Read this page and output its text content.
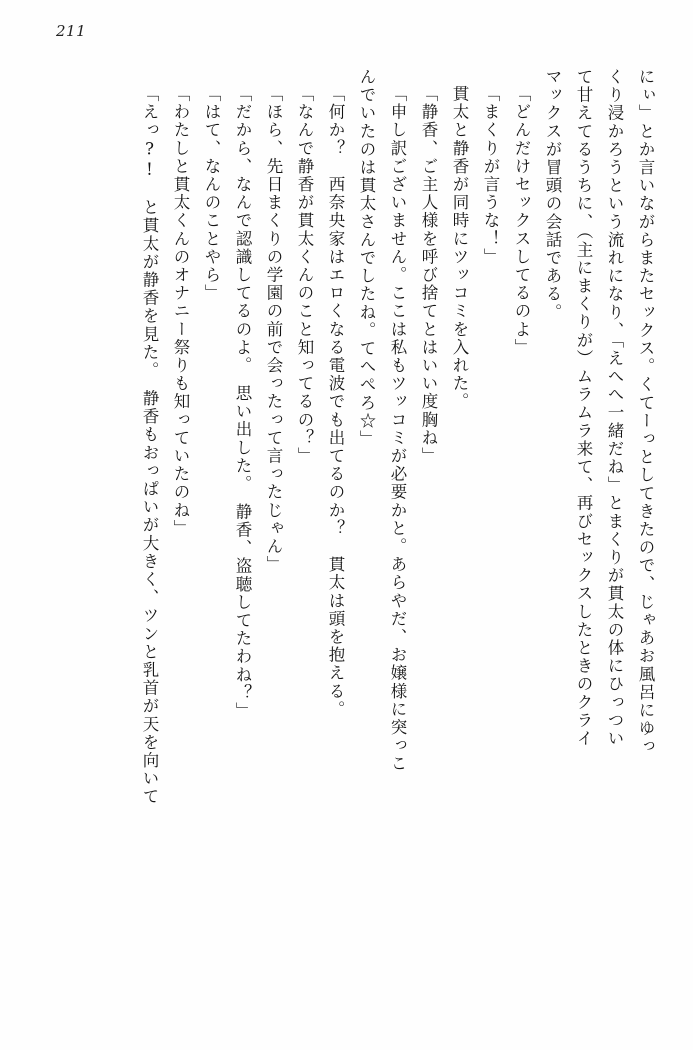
211
にぃ」とか言いながらまたセックス。くてーっとしてきたので、じゃあお風呂にゆっ
くり浸かろうという流れになり、「えへへ一緒だね」とまくりが貫太の体にひっつい
て甘えてるうちに、（主にまくりが）ムラムラ来て、再びセックスしたときのクライ
マックスが冒頭の会話である。
「どんだけセックスしてるのよ」
「まくりが言うな！」
貫太と静香が同時にツッコミを入れた。
「静香、ご主人様を呼び捨てとはいい度胸ね」
「申し訳ございません。ここは私もツッコミが必要かと。あらやだ、お嬢様に突っこ
んでいたのは貫太さんでしたね。てへぺろ☆」
「何か？　西奈央家はエロくなる電波でも出てるのか？　貫太は頭を抱える。
「なんで静香が貫太くんのこと知ってるの？」
「ほら、先日まくりの学園の前で会ったって言ったじゃん」
「だから、なんで認識してるのよ。　思い出した。　静香、盗聴してたわね？」
「はて、なんのことやら」
「わたしと貫太くんのオナニー祭りも知っていたのね」
「えっ?!　と貫太が静香を見た。　静香もおっぱいが大きく、ツンと乳首が天を向いて
